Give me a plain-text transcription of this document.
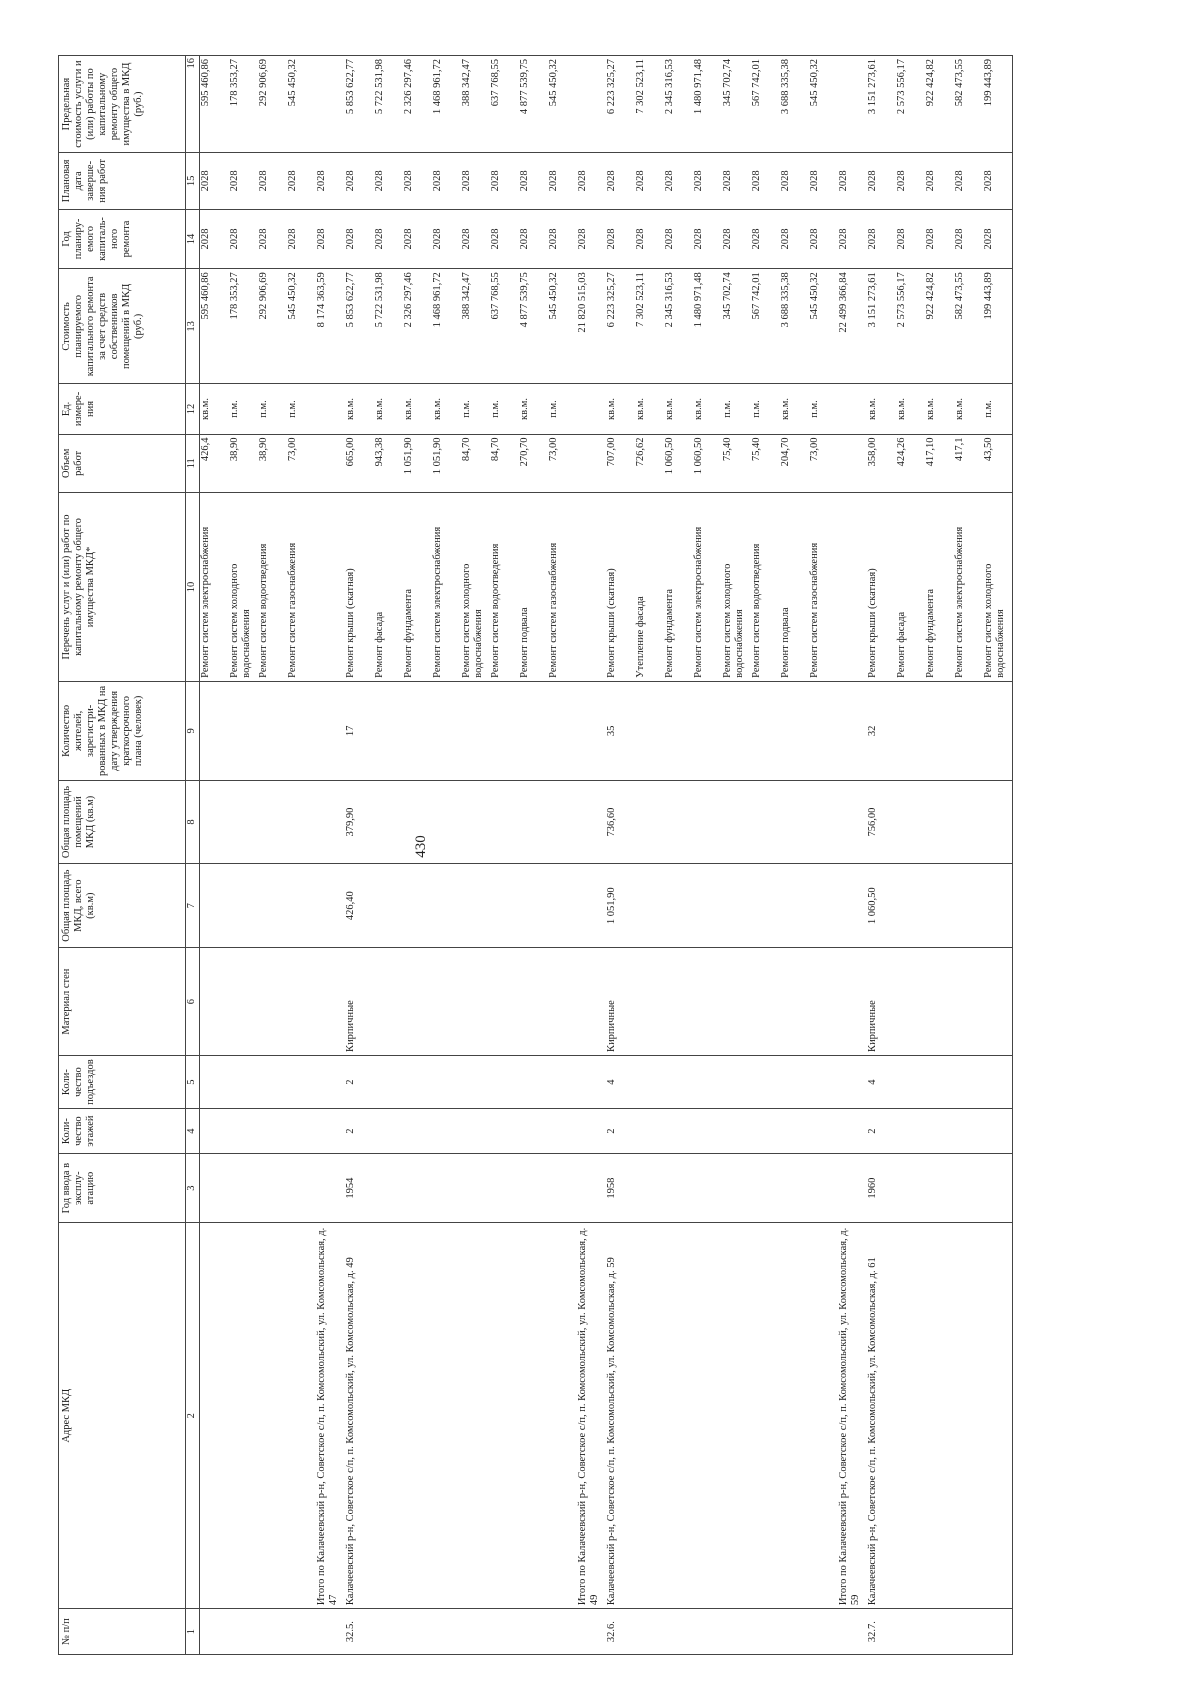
430
№ п/п	Адрес МКД	Год ввода в эксплу-атацию	Коли-чество этажей	Коли-чество подъездов	Материал стен	Общая площадь МКД, всего (кв.м)	Общая площадь помещений МКД (кв.м)	Количество жителей, зарегистри-рованных в МКД на дату утверждения краткосрочного плана (человек)	Перечень услуг и (или) работ по капитальному ремонту общего имущества МКД*	Объем работ	Ед. измере-ния	Стоимость планируемого капитального ремонта за счет средств собственников помещений в МКД (руб.)	Год планиру-емого капиталь-ного ремонта	Плановая дата заверше-ния работ	Предельная стоимость услуги и (или) работы по капитальному ремонту общего имущества в МКД (руб.)
1	2	3	4	5	6	7	8	9	10	11	12	13	14	15	16
									Ремонт систем электроснабжения	426,4	кв.м.	595 460,86	2028	2028	595 460,86
									Ремонт систем холодного водоснабжения	38,90	п.м.	178 353,27	2028	2028	178 353,27
									Ремонт систем водоотведения	38,90	п.м.	292 906,69	2028	2028	292 906,69
									Ремонт систем газоснабжения	73,00	п.м.	545 450,32	2028	2028	545 450,32
	Итого по Калачеевский р-н, Советское с/п, п. Комсомольский, ул. Комсомольская, д. 47											8 174 363,59	2028	2028	
32.5.	Калачеевский р-н, Советское с/п, п. Комсомольский, ул. Комсомольская, д. 49	1954	2	2	Кирпичные	426,40	379,90	17	Ремонт крыши (скатная)	665,00	кв.м.	5 853 622,77	2028	2028	5 853 622,77
									Ремонт фасада	943,38	кв.м.	5 722 531,98	2028	2028	5 722 531,98
									Ремонт фундамента	1 051,90	кв.м.	2 326 297,46	2028	2028	2 326 297,46
									Ремонт систем электроснабжения	1 051,90	кв.м.	1 468 961,72	2028	2028	1 468 961,72
									Ремонт систем холодного водоснабжения	84,70	п.м.	388 342,47	2028	2028	388 342,47
									Ремонт систем водоотведения	84,70	п.м.	637 768,55	2028	2028	637 768,55
									Ремонт подвала	270,70	кв.м.	4 877 539,75	2028	2028	4 877 539,75
									Ремонт систем газоснабжения	73,00	п.м.	545 450,32	2028	2028	545 450,32
	Итого по Калачеевский р-н, Советское с/п, п. Комсомольский, ул. Комсомольская, д. 49											21 820 515,03	2028	2028	
32.6.	Калачеевский р-н, Советское с/п, п. Комсомольский, ул. Комсомольская, д. 59	1958	2	4	Кирпичные	1 051,90	736,60	35	Ремонт крыши (скатная)	707,00	кв.м.	6 223 325,27	2028	2028	6 223 325,27
									Утепление фасада	726,62	кв.м.	7 302 523,11	2028	2028	7 302 523,11
									Ремонт фундамента	1 060,50	кв.м.	2 345 316,53	2028	2028	2 345 316,53
									Ремонт систем электроснабжения	1 060,50	кв.м.	1 480 971,48	2028	2028	1 480 971,48
									Ремонт систем холодного водоснабжения	75,40	п.м.	345 702,74	2028	2028	345 702,74
									Ремонт систем водоотведения	75,40	п.м.	567 742,01	2028	2028	567 742,01
									Ремонт подвала	204,70	кв.м.	3 688 335,38	2028	2028	3 688 335,38
									Ремонт систем газоснабжения	73,00	п.м.	545 450,32	2028	2028	545 450,32
	Итого по Калачеевский р-н, Советское с/п, п. Комсомольский, ул. Комсомольская, д. 59											22 499 366,84	2028	2028	
32.7.	Калачеевский р-н, Советское с/п, п. Комсомольский, ул. Комсомольская, д. 61	1960	2	4	Кирпичные	1 060,50	756,00	32	Ремонт крыши (скатная)	358,00	кв.м.	3 151 273,61	2028	2028	3 151 273,61
									Ремонт фасада	424,26	кв.м.	2 573 556,17	2028	2028	2 573 556,17
									Ремонт фундамента	417,10	кв.м.	922 424,82	2028	2028	922 424,82
									Ремонт систем электроснабжения	417,1	кв.м.	582 473,55	2028	2028	582 473,55
									Ремонт систем холодного водоснабжения	43,50	п.м.	199 443,89	2028	2028	199 443,89
